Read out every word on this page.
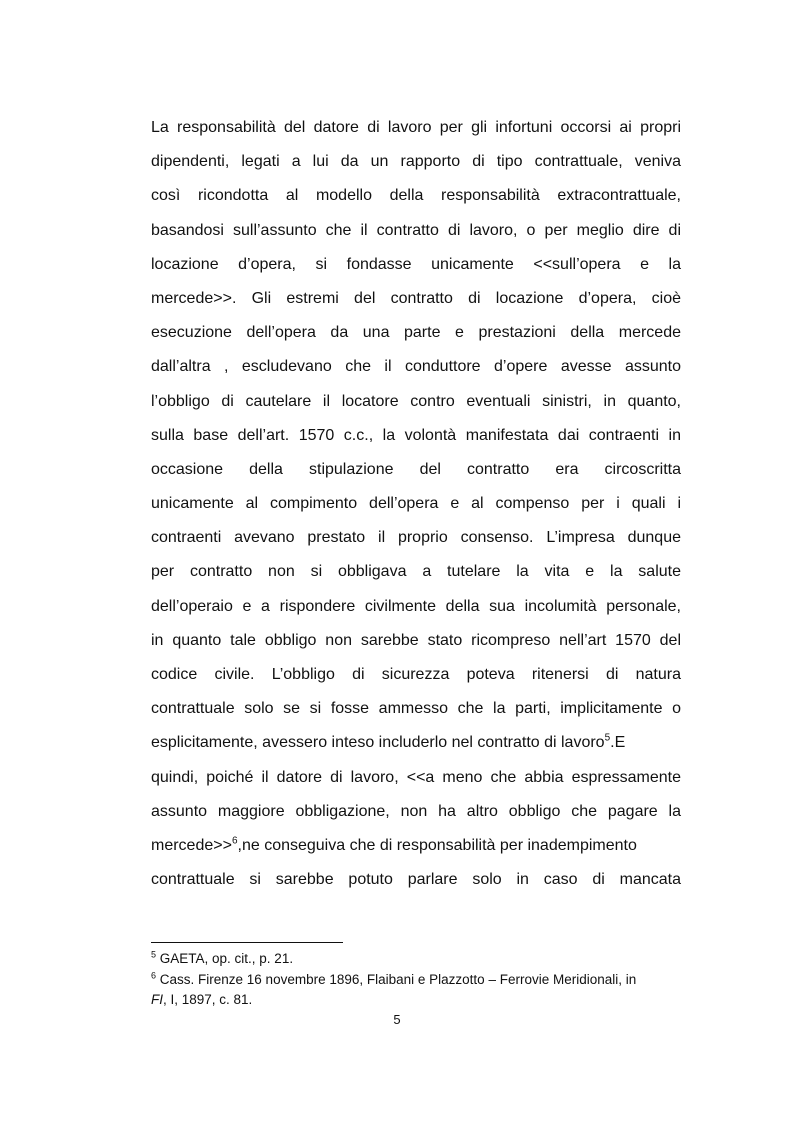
La responsabilità del datore di lavoro per gli infortuni occorsi ai propri
dipendenti, legati a lui da un rapporto di tipo contrattuale, veniva
così ricondotta al modello della responsabilità extracontrattuale,
basandosi sull’assunto che il contratto di lavoro, o per meglio dire di
locazione d’opera, si fondasse unicamente <<sull’opera e la
mercede>>. Gli estremi del contratto di locazione d’opera, cioè
esecuzione dell’opera da una parte e prestazioni della mercede
dall’altra , escludevano che il conduttore d’opere avesse assunto
l’obbligo di cautelare il locatore contro eventuali sinistri, in quanto,
sulla base dell’art. 1570 c.c., la volontà manifestata dai contraenti in
occasione della stipulazione del contratto era circoscritta
unicamente al compimento dell’opera e al compenso per i quali i
contraenti avevano prestato il proprio consenso. L’impresa dunque
per contratto non si obbligava a tutelare la vita e la salute
dell’operaio e a rispondere civilmente della sua incolumità personale,
in quanto tale obbligo non sarebbe stato ricompreso nell’art 1570 del
codice civile. L’obbligo di sicurezza poteva ritenersi di natura
contrattuale solo se si fosse ammesso che la parti, implicitamente o
esplicitamente, avessero inteso includerlo nel contratto di lavoro$^5$.E
quindi, poiché il datore di lavoro, <<a meno che abbia espressamente
assunto maggiore obbligazione, non ha altro obbligo che pagare la
mercede>>$^6$,ne conseguiva che di responsabilità per inadempimento
contrattuale si sarebbe potuto parlare solo in caso di mancata
$^5$ GAETA, op. cit., p. 21.
$^6$ Cass. Firenze 16 novembre 1896, Flaibani e Plazzotto – Ferrovie Meridionali, in
FI, I, 1897, c. 81.
5
